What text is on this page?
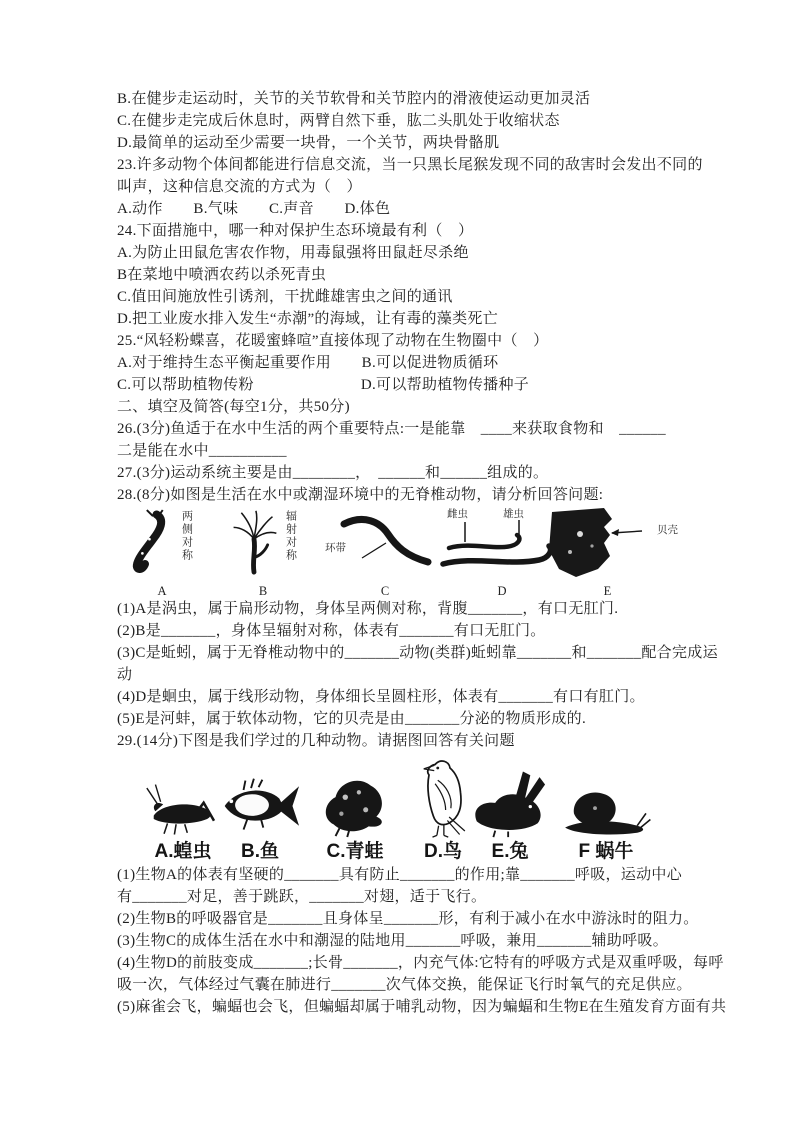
B.在健步走运动时，关节的关节软骨和关节腔内的滑液使运动更加灵活
C.在健步走完成后休息时，两臂自然下垂，肱二头肌处于收缩状态
D.最简单的运动至少需要一块骨，一个关节，两块骨骼肌
23.许多动物个体间都能进行信息交流，当一只黑长尾猴发现不同的敌害时会发出不同的
叫声，这种信息交流的方式为（　）
A.动作　　B.气味　　C.声音　　D.体色
24.下面措施中，哪一种对保护生态环境最有利（　）
A.为防止田鼠危害农作物，用毒鼠强将田鼠赶尽杀绝
B在菜地中喷洒农药以杀死青虫
C.值田间施放性引诱剂，干扰雌雄害虫之间的通讯
D.把工业废水排入发生“赤潮”的海域，让有毒的藻类死亡
25.“风轻粉蝶喜，花暖蜜蜂喧”直接体现了动物在生物圈中（　）
A.对于维持生态平衡起重要作用　　B.可以促进物质循环
C.可以帮助植物传粉　　　　　　　D.可以帮助植物传播种子
二、填空及简答(每空1分，共50分)
26.(3分)鱼适于在水中生活的两个重要特点:一是能靠　____来获取食物和　______
二是能在水中__________
27.(3分)运动系统主要是由________，　______和______组成的。
28.(8分)如图是生活在水中或潮湿环境中的无脊椎动物，请分析回答问题:
两侧对称
A
辐射对称
B
环带
C
雌虫	雄虫
D
贝壳
E
(1)A是涡虫，属于扁形动物，身体呈两侧对称，背腹_______，有口无肛门.
(2)B是_______，身体呈辐射对称，体表有_______有口无肛门。
(3)C是蚯蚓，属于无脊椎动物中的_______动物(类群)蚯蚓靠_______和_______配合完成运
动
(4)D是蛔虫，属于线形动物，身体细长呈圆柱形，体表有_______有口有肛门。
(5)E是河蚌，属于软体动物，它的贝壳是由_______分泌的物质形成的.
29.(14分)下图是我们学过的几种动物。请据图回答有关问题
A.蝗虫 B.鱼 C.青蛙 D.鸟 E.兔	F 蜗牛
(1)生物A的体表有坚硬的_______具有防止_______的作用;靠_______呼吸，运动中心
有_______对足，善于跳跃，_______对翅，适于飞行。
(2)生物B的呼吸器官是_______且身体呈_______形，有利于减小在水中游泳时的阻力。
(3)生物C的成体生活在水中和潮湿的陆地用_______呼吸，兼用_______辅助呼吸。
(4)生物D的前肢变成_______;长骨_______，内充气体:它特有的呼吸方式是双重呼吸，每呼
吸一次，气体经过气囊在肺进行_______次气体交换，能保证飞行时氧气的充足供应。
(5)麻雀会飞，蝙蝠也会飞，但蝙蝠却属于哺乳动物，因为蝙蝠和生物E在生殖发育方面有共
